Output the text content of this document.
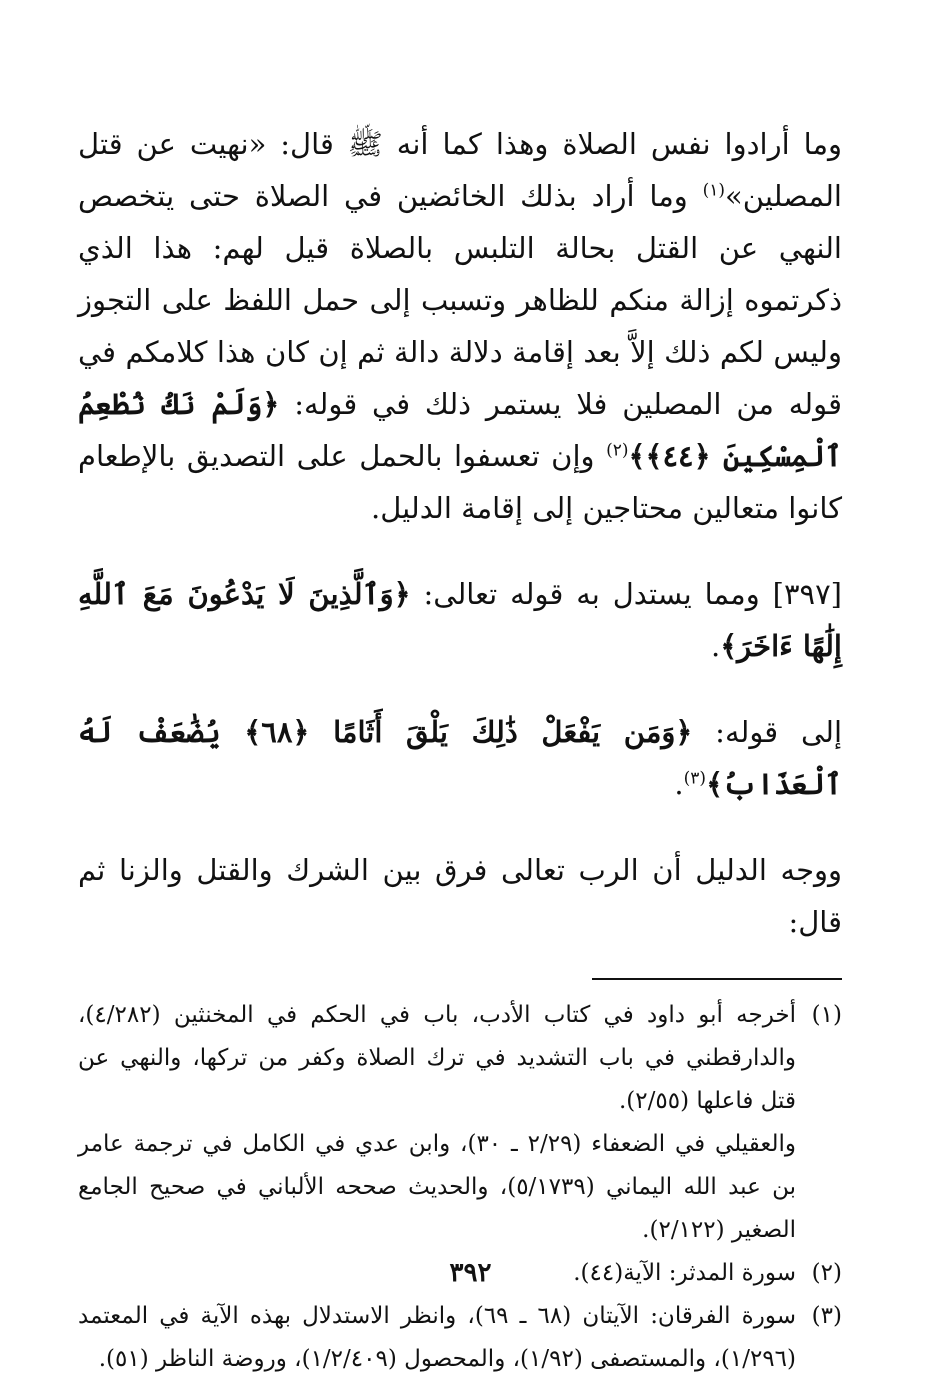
وما أرادوا نفس الصلاة وهذا كما أنه ﷺ قال: «نهيت عن قتل المصلين»$^{(١)}$ وما أراد بذلك الخائضين في الصلاة حتى يتخصص النهي عن القتل بحالة التلبس بالصلاة قيل لهم: هذا الذي ذكرتموه إزالة منكم للظاهر وتسبب إلى حمل اللفظ على التجوز وليس لكم ذلك إلاَّ بعد إقامة دلالة دالة ثم إن كان هذا كلامكم في قوله من المصلين فلا يستمر ذلك في قوله: ﴿وَلَمْ نَكُ نُطْعِمُ ٱلْمِسْكِينَ ﴿٤٤﴾﴾$^{(٢)}$ وإن تعسفوا بالحمل على التصديق بالإطعام كانوا متعالين محتاجين إلى إقامة الدليل.

[٣٩٧] ومما يستدل به قوله تعالى: ﴿وَٱلَّذِينَ لَا يَدْعُونَ مَعَ ٱللَّهِ إِلَٰهًا ءَاخَرَ﴾.

إلى قوله: ﴿وَمَن يَفْعَلْ ذَٰلِكَ يَلْقَ أَثَامًا ﴿٦٨﴾ يُضَٰعَفْ لَهُ ٱلْعَذَابُ﴾$^{(٣)}$.

ووجه الدليل أن الرب تعالى فرق بين الشرك والقتل والزنا ثم قال:

(١)
أخرجه أبو داود في كتاب الأدب، باب في الحكم في المخنثين (٤/٢٨٢)، والدارقطني في باب التشديد في ترك الصلاة وكفر من تركها، والنهي عن قتل فاعلها (٢/٥٥).

والعقيلي في الضعفاء (٢/٢٩ ـ ٣٠)، وابن عدي في الكامل في ترجمة عامر بن عبد الله اليماني (٥/١٧٣٩)، والحديث صححه الألباني في صحيح الجامع الصغير (٢/١٢٢).

(٢)
سورة المدثر: الآية(٤٤).

(٣)
سورة الفرقان: الآيتان (٦٨ ـ ٦٩)، وانظر الاستدلال بهذه الآية في المعتمد (١/٢٩٦)، والمستصفى (١/٩٢)، والمحصول (١/٢/٤٠٩)، وروضة الناظر (٥١).

٣٩٢
